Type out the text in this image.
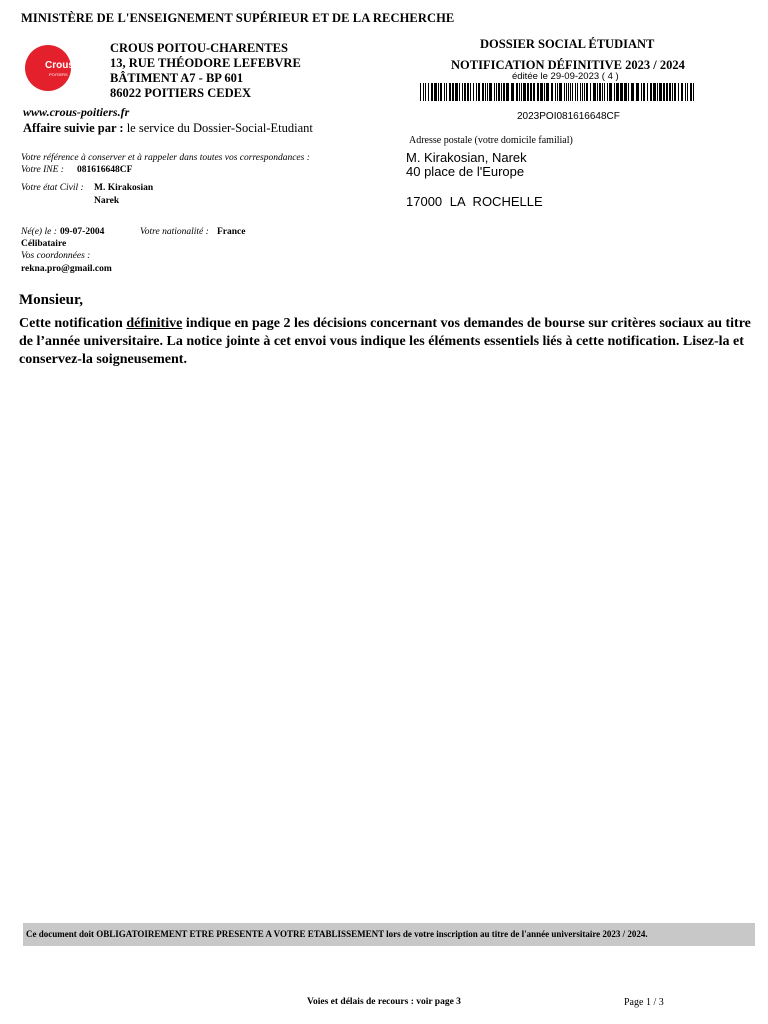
MINISTÈRE DE L'ENSEIGNEMENT SUPÉRIEUR ET DE LA RECHERCHE
Crous
POITIERS
CROUS POITOU-CHARENTES
13, RUE THÉODORE LEFEBVRE
BÂTIMENT A7 - BP 601
86022 POITIERS CEDEX
www.crous-poitiers.fr
Affaire suivie par : le service du Dossier-Social-Etudiant
DOSSIER SOCIAL ÉTUDIANT
NOTIFICATION DÉFINITIVE 2023 / 2024
éditée le 29-09-2023 ( 4 )
2023POI081616648CF
Adresse postale (votre domicile familial)
M. Kirakosian, Narek
40 place de l'Europe
17000 LA ROCHELLE
Votre référence à conserver et à rappeler dans toutes vos correspondances :
Votre INE : 081616648CF
Votre état Civil : M. Kirakosian
Narek
Né(e) le : 09-07-2004	Votre nationalité : France
Célibataire
Vos coordonnées :
rekna.pro@gmail.com
Monsieur,
Cette notification définitive indique en page 2 les décisions concernant vos demandes de bourse sur critères sociaux au titre de l’année universitaire. La notice jointe à cet envoi vous indique les éléments essentiels liés à cette notification. Lisez-la et conservez-la soigneusement.
Ce document doit OBLIGATOIREMENT ETRE PRESENTE A VOTRE ETABLISSEMENT lors de votre inscription au titre de l'année universitaire 2023 / 2024.
Voies et délais de recours : voir page 3	Page 1 / 3
